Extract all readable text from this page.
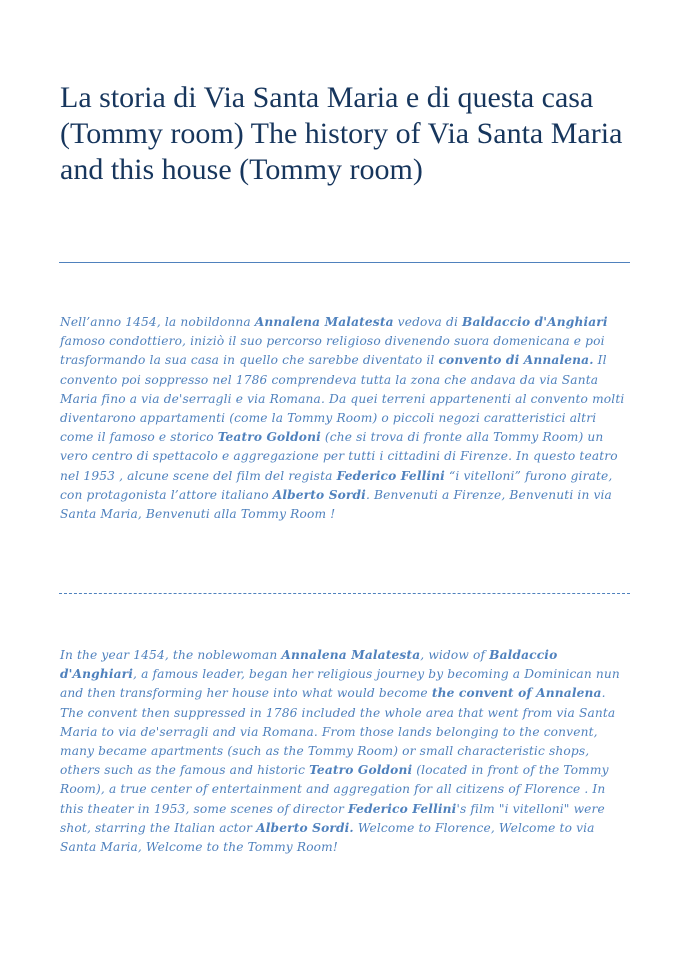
La storia di Via Santa Maria e di questa casa (Tommy room) The history of Via Santa Maria and this house (Tommy room)

Nell’anno 1454, la nobildonna Annalena Malatesta vedova di Baldaccio d'Anghiari famoso condottiero, iniziò il suo percorso religioso divenendo suora domenicana e poi trasformando la sua casa in quello che sarebbe diventato il convento di Annalena. Il convento poi soppresso nel 1786 comprendeva tutta la zona che andava da via Santa Maria fino a via de'serragli e via Romana. Da quei terreni appartenenti al convento molti diventarono appartamenti (come la Tommy Room) o piccoli negozi caratteristici altri come il famoso e storico Teatro Goldoni (che si trova di fronte alla Tommy Room) un vero centro di spettacolo e aggregazione per tutti i cittadini di Firenze. In questo teatro nel 1953 , alcune scene del film del regista Federico Fellini “i vitelloni” furono girate, con protagonista l’attore italiano Alberto Sordi. Benvenuti a Firenze, Benvenuti in via Santa Maria, Benvenuti alla Tommy Room !

In the year 1454, the noblewoman Annalena Malatesta, widow of Baldaccio d'Anghiari, a famous leader, began her religious journey by becoming a Dominican nun and then transforming her house into what would become the convent of Annalena. The convent then suppressed in 1786 included the whole area that went from via Santa Maria to via de'serragli and via Romana. From those lands belonging to the convent, many became apartments (such as the Tommy Room) or small characteristic shops, others such as the famous and historic Teatro Goldoni (located in front of the Tommy Room), a true center of entertainment and aggregation for all citizens of Florence . In this theater in 1953, some scenes of director Federico Fellini's film "i vitelloni" were shot, starring the Italian actor Alberto Sordi. Welcome to Florence, Welcome to via Santa Maria, Welcome to the Tommy Room!
